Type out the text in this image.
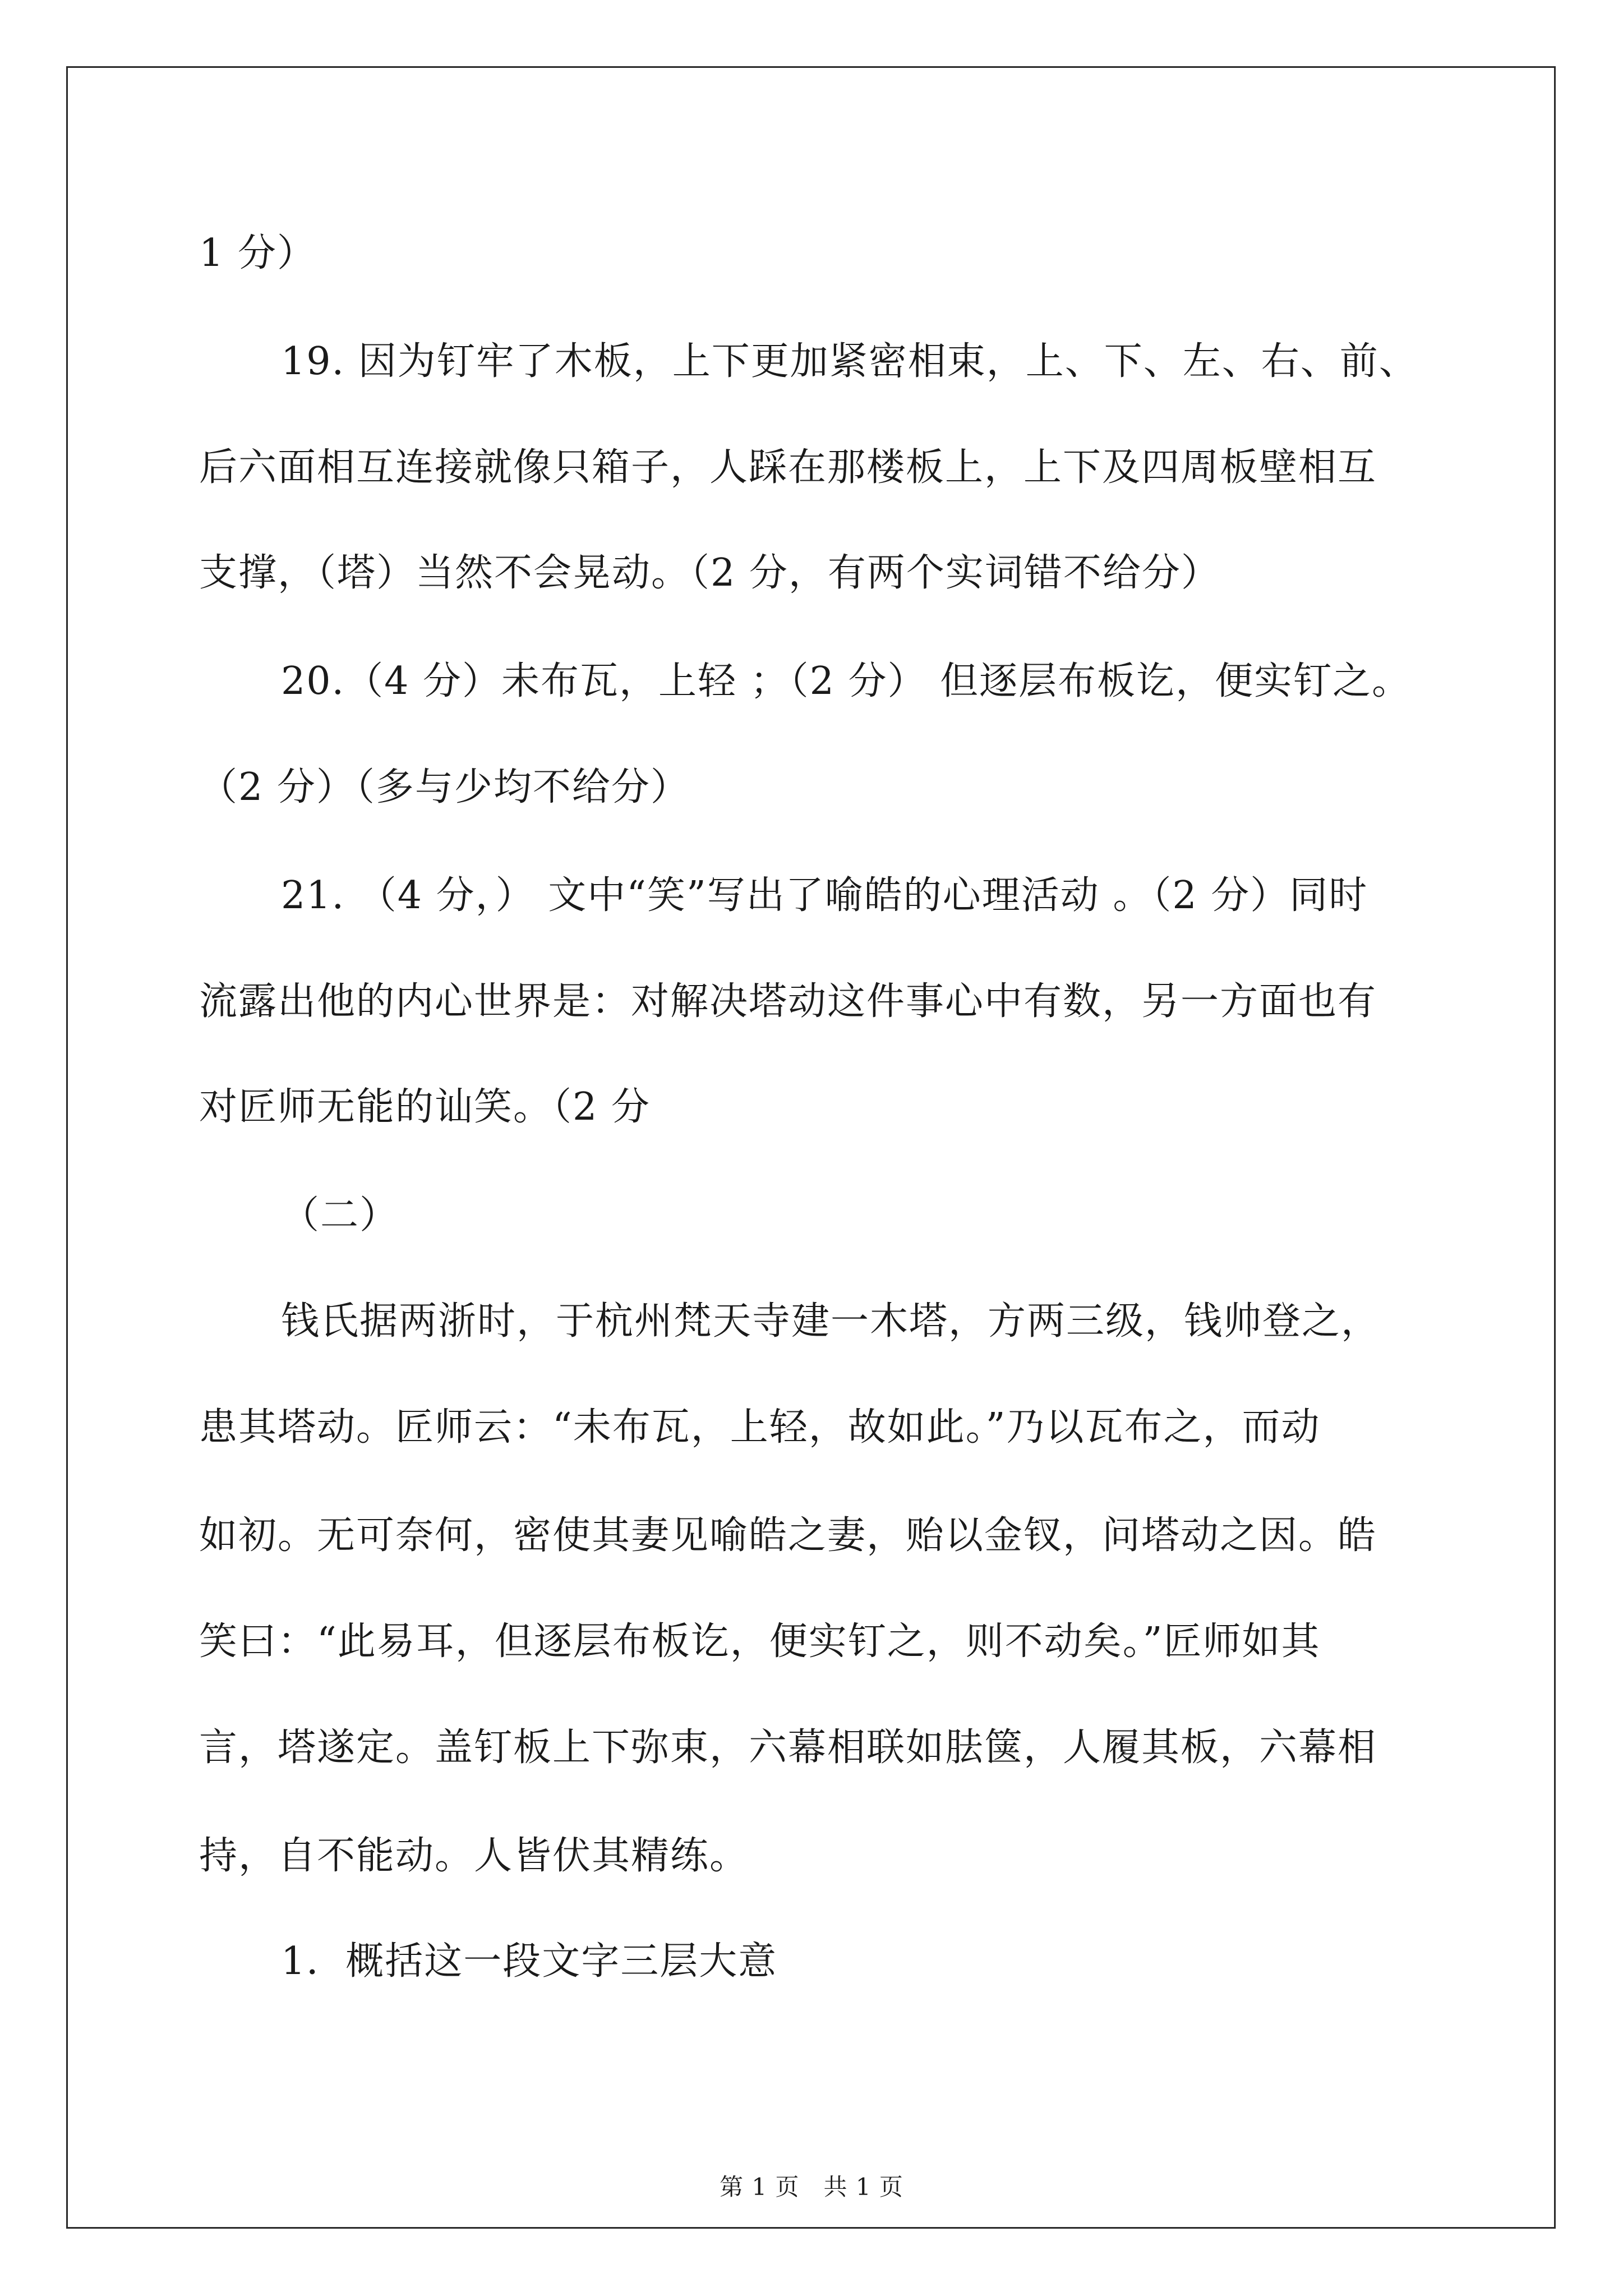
1 分）
19. 因为钉牢了木板，上下更加紧密相束，上、下、左、右、前、
后六面相互连接就像只箱子，人踩在那楼板上，上下及四周板壁相互
支撑，（塔）当然不会晃动。（2 分，有两个实词错不给分）
20.（4 分）未布瓦，上轻 ；（2 分） 但逐层布板讫，便实钉之。
（2 分）（多与少均不给分）
21. （4 分，） 文中“笑”写出了喻皓的心理活动 。（2 分）同时
流露出他的内心世界是：对解决塔动这件事心中有数，另一方面也有
对匠师无能的讪笑。（2 分
（二）
钱氏据两浙时，于杭州梵天寺建一木塔，方两三级，钱帅登之，
患其塔动。匠师云：“未布瓦，上轻，故如此。”乃以瓦布之，而动
如初。无可奈何，密使其妻见喻皓之妻，贻以金钗，问塔动之因。皓
笑曰：“此易耳，但逐层布板讫，便实钉之，则不动矣。”匠师如其
言，塔遂定。盖钉板上下弥束，六幕相联如胠箧，人履其板，六幕相
持，自不能动。人皆伏其精练。
1．概括这一段文字三层大意
第 1 页　共 1 页
